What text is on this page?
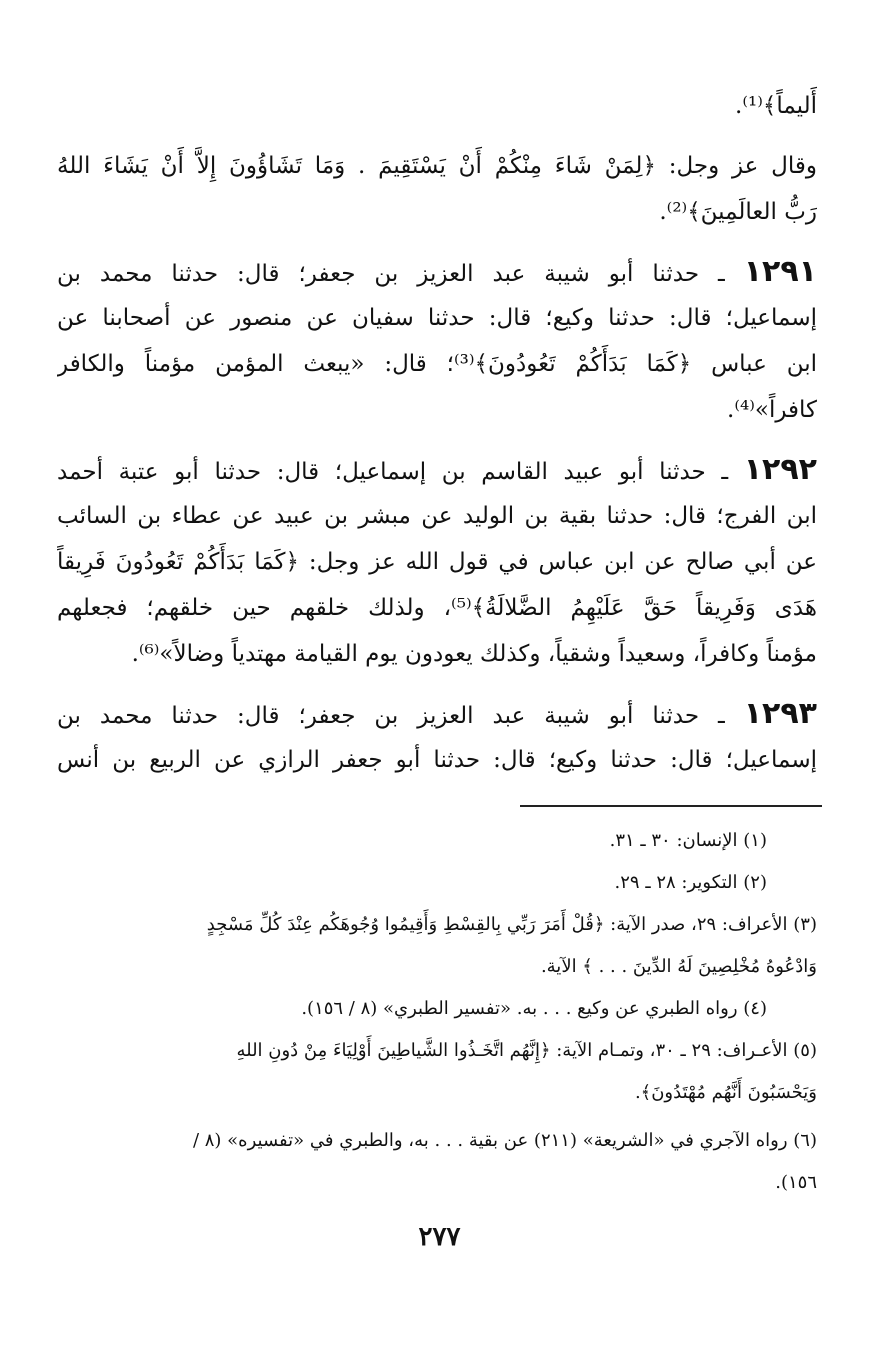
أَليماً﴾⁽¹⁾.
وقال عز وجل: ﴿لِمَنْ شَاءَ مِنْكُمْ أَنْ يَسْتَقِيمَ . وَمَا تَشَاؤُونَ إِلاَّ أَنْ يَشَاءَ اللهُ
رَبُّ العالَمِينَ﴾⁽²⁾.
١٢٩١ ـ حدثنا أبو شيبة عبد العزيز بن جعفر؛ قال: حدثنا محمد بن
إسماعيل؛ قال: حدثنا وكيع؛ قال: حدثنا سفيان عن منصور عن أصحابنا عن
ابن عباس ﴿كَمَا بَدَأَكُمْ تَعُودُونَ﴾⁽³⁾؛ قال: «يبعث المؤمن مؤمناً والكافر
كافراً»⁽⁴⁾.
١٢٩٢ ـ حدثنا أبو عبيد القاسم بن إسماعيل؛ قال: حدثنا أبو عتبة أحمد
ابن الفرج؛ قال: حدثنا بقية بن الوليد عن مبشر بن عبيد عن عطاء بن السائب
عن أبي صالح عن ابن عباس في قول الله عز وجل: ﴿كَمَا بَدَأَكُمْ تَعُودُونَ فَرِيقاً
هَدَى وَفَرِيقاً حَقَّ عَلَيْهِمُ الضَّلالَةُ﴾⁽⁵⁾، ولذلك خلقهم حين خلقهم؛ فجعلهم
مؤمناً وكافراً، وسعيداً وشقياً، وكذلك يعودون يوم القيامة مهتدياً وضالاً»⁽⁶⁾.
١٢٩٣ ـ حدثنا أبو شيبة عبد العزيز بن جعفر؛ قال: حدثنا محمد بن
إسماعيل؛ قال: حدثنا وكيع؛ قال: حدثنا أبو جعفر الرازي عن الربيع بن أنس
(١) الإنسان: ٣٠ ـ ٣١.
(٢) التكوير: ٢٨ ـ ٢٩.
(٣) الأعراف: ٢٩، صدر الآية: ﴿قُلْ أَمَرَ رَبِّي بِالقِسْطِ وَأَقِيمُوا وُجُوهَكُم عِنْدَ كُلِّ مَسْجِدٍ
وَادْعُوهُ مُخْلِصِينَ لَهُ الدِّينَ . . . ﴾ الآية.
(٤) رواه الطبري عن وكيع . . . به. «تفسير الطبري» (٨ / ١٥٦).
(٥) الأعـراف: ٢٩ ـ ٣٠، وتمـام الآية: ﴿إِنَّهُم اتَّخَـذُوا الشَّياطِينَ أَوْلِيَاءَ مِنْ دُونِ اللهِ
وَيَحْسَبُونَ أَنَّهُم مُهْتَدُونَ﴾.
(٦) رواه الآجري في «الشريعة» (٢١١) عن بقية . . . به، والطبري في «تفسيره» (٨ /
١٥٦).
٢٧٧
